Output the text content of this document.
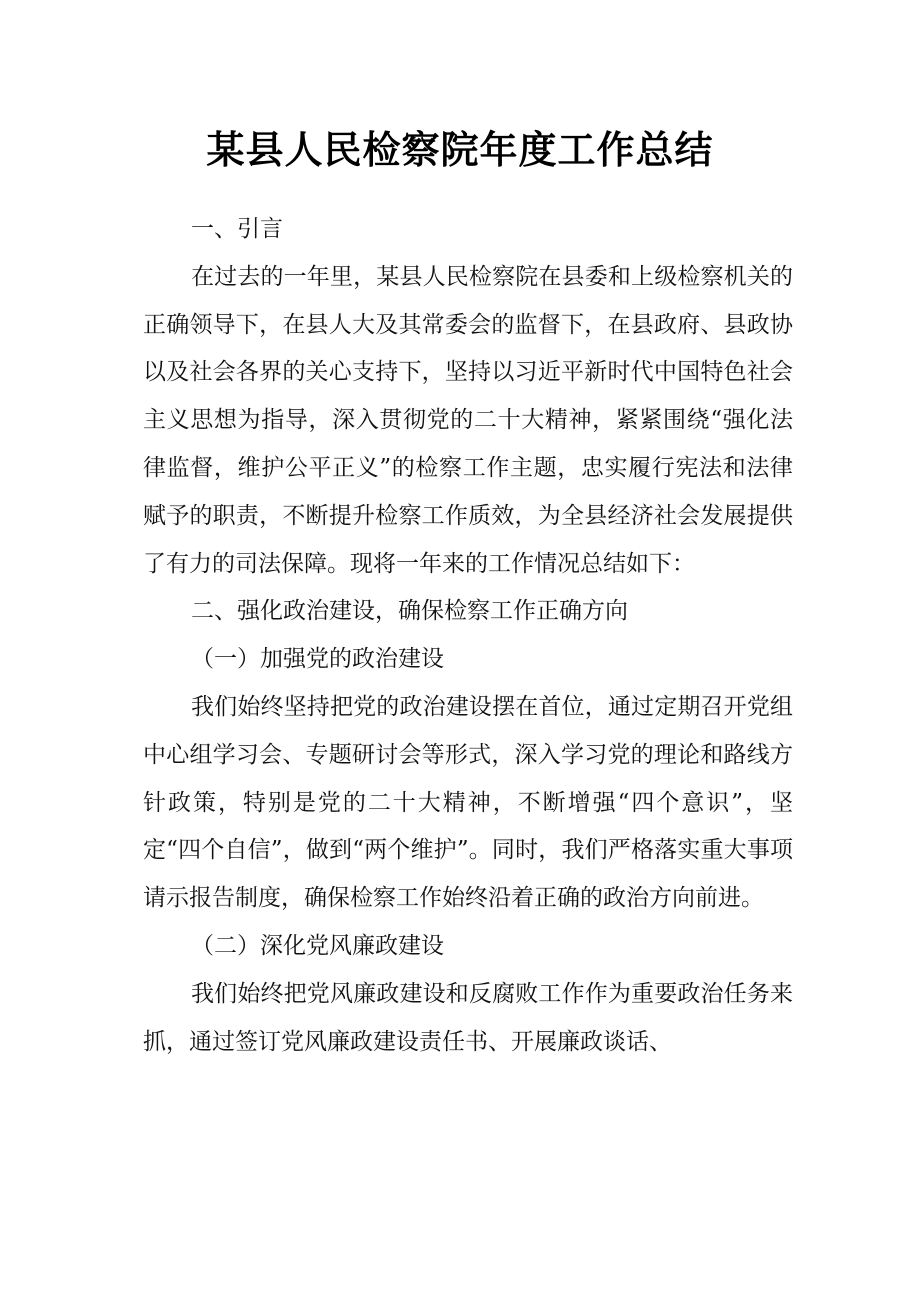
某县人民检察院年度工作总结

一、引言

在过去的一年里，某县人民检察院在县委和上级检察机关的正确领导下，在县人大及其常委会的监督下，在县政府、县政协以及社会各界的关心支持下，坚持以习近平新时代中国特色社会主义思想为指导，深入贯彻党的二十大精神，紧紧围绕“强化法律监督，维护公平正义”的检察工作主题，忠实履行宪法和法律赋予的职责，不断提升检察工作质效，为全县经济社会发展提供了有力的司法保障。现将一年来的工作情况总结如下：

二、强化政治建设，确保检察工作正确方向

（一）加强党的政治建设

我们始终坚持把党的政治建设摆在首位，通过定期召开党组中心组学习会、专题研讨会等形式，深入学习党的理论和路线方针政策，特别是党的二十大精神，不断增强“四个意识”，坚定“四个自信”，做到“两个维护”。同时，我们严格落实重大事项请示报告制度，确保检察工作始终沿着正确的政治方向前进。

（二）深化党风廉政建设

我们始终把党风廉政建设和反腐败工作作为重要政治任务来抓，通过签订党风廉政建设责任书、开展廉政谈话、
